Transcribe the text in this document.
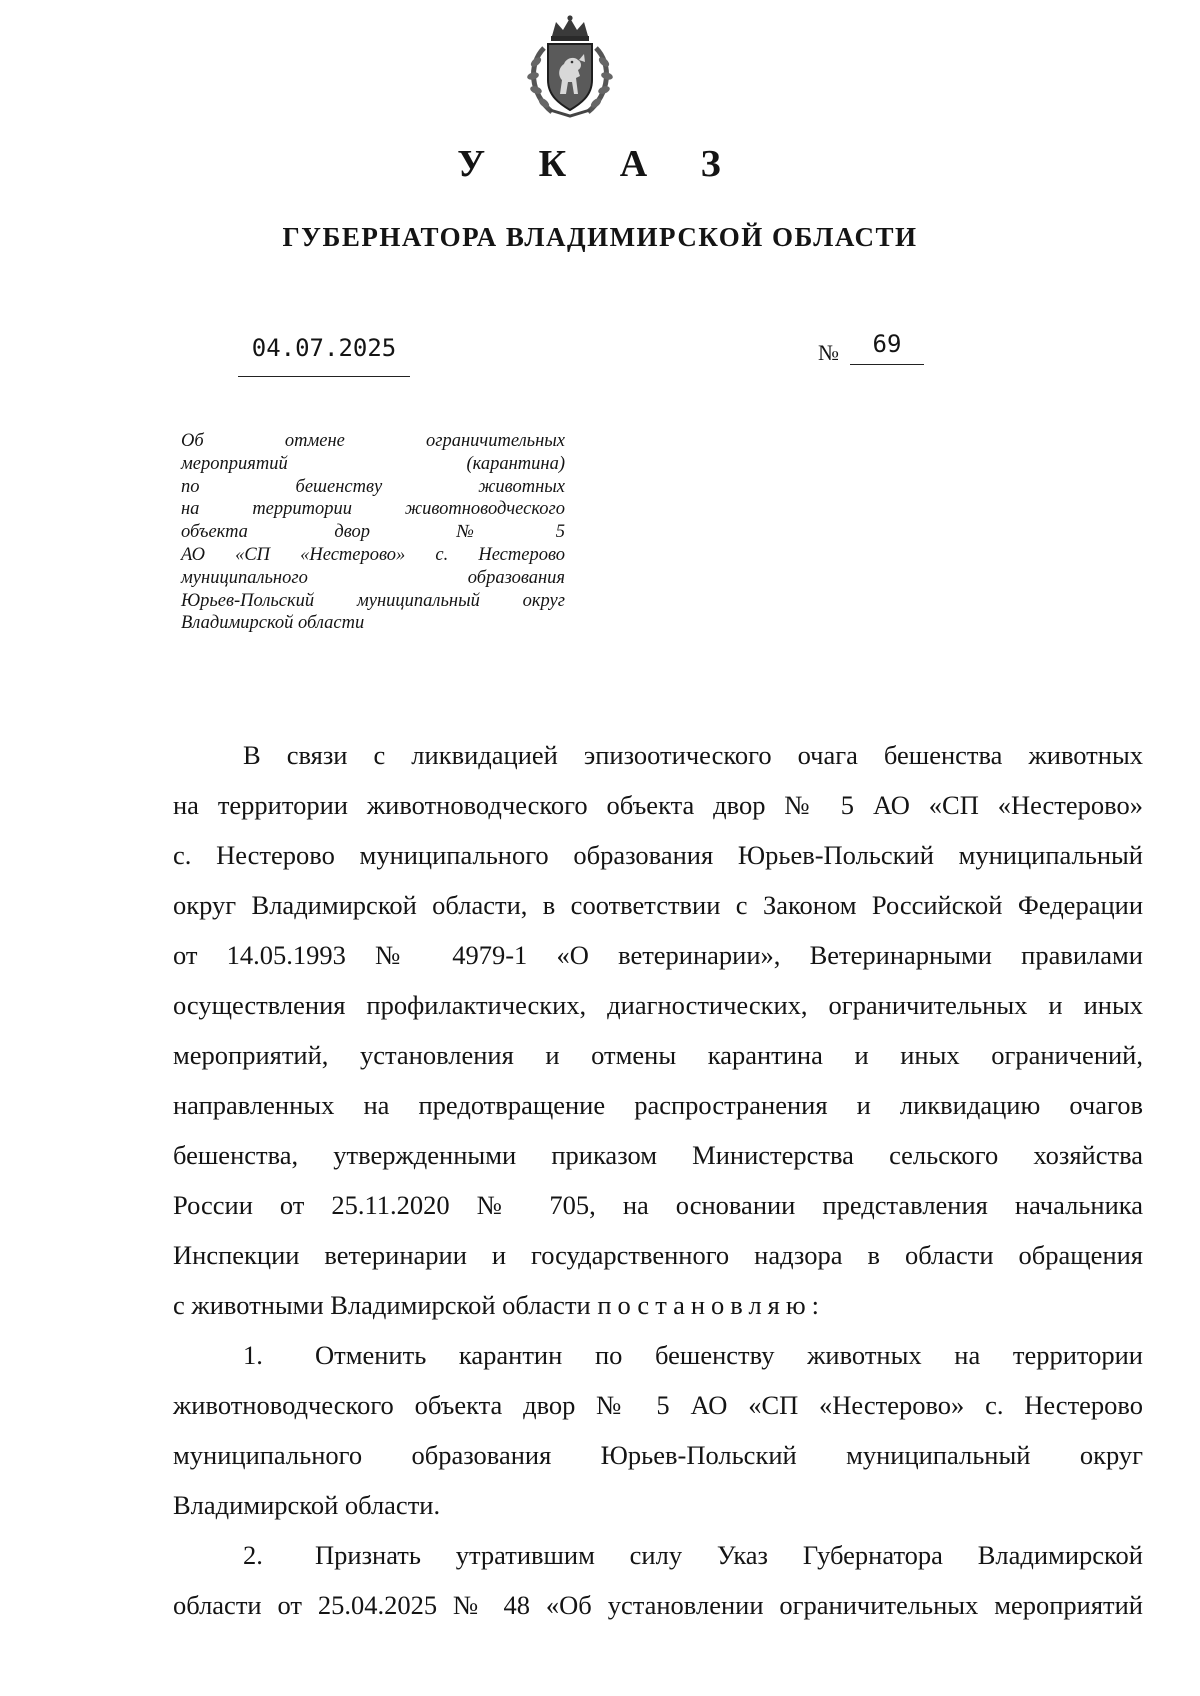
У К А З
ГУБЕРНАТОРА ВЛАДИМИРСКОЙ ОБЛАСТИ
04.07.2025	№	69
Об отмене ограничительных
мероприятий (карантина)
по бешенству животных
на территории животноводческого
объекта двор №5
АО «СП «Нестерово» с. Нестерово
муниципального образования
Юрьев-Польский муниципальный округ
Владимирской области
В связи с ликвидацией эпизоотического очага бешенства животных
на территории животноводческого объекта двор № 5 АО «СП «Нестерово»
с. Нестерово муниципального образования Юрьев-Польский муниципальный
округ Владимирской области, в соответствии с Законом Российской Федерации
от 14.05.1993 № 4979-1 «О ветеринарии», Ветеринарными правилами
осуществления профилактических, диагностических, ограничительных и иных
мероприятий, установления и отмены карантина и иных ограничений,
направленных на предотвращение распространения и ликвидацию очагов
бешенства, утвержденными приказом Министерства сельского хозяйства
России от 25.11.2020 № 705, на основании представления начальника
Инспекции ветеринарии и государственного надзора в области обращения
с животными Владимирской области постановляю:
1. Отменить карантин по бешенству животных на территории
животноводческого объекта двор № 5 АО «СП «Нестерово» с. Нестерово
муниципального образования Юрьев-Польский муниципальный округ
Владимирской области.
2. Признать утратившим силу Указ Губернатора Владимирской
области от 25.04.2025 № 48 «Об установлении ограничительных мероприятий
